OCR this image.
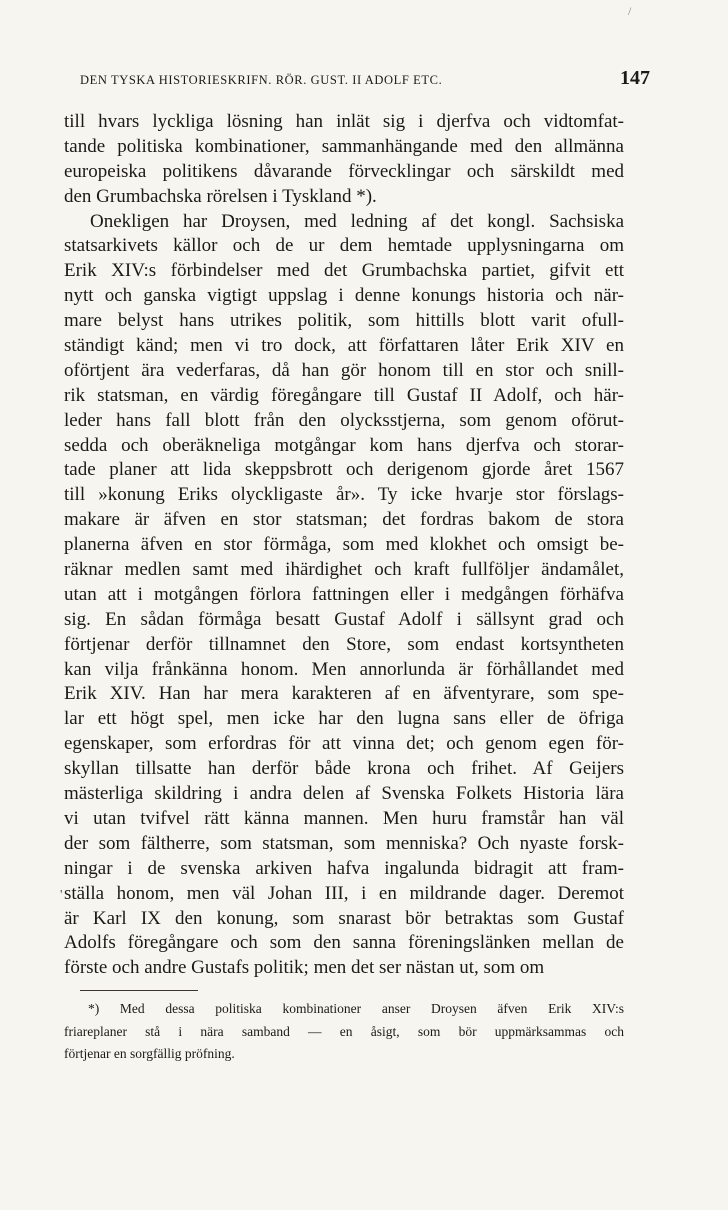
/
DEN TYSKA HISTORIESKRIFN. RÖR. GUST. II ADOLF ETC.	147
till hvars lyckliga lösning han inlät sig i djerfva och vidtomfat-
tande politiska kombinationer, sammanhängande med den allmänna
europeiska politikens dåvarande förvecklingar och särskildt med
den Grumbachska rörelsen i Tyskland *).
Onekligen har Droysen, med ledning af det kongl. Sachsiska
statsarkivets källor och de ur dem hemtade upplysningarna om
Erik XIV:s förbindelser med det Grumbachska partiet, gifvit ett
nytt och ganska vigtigt uppslag i denne konungs historia och när-
mare belyst hans utrikes politik, som hittills blott varit ofull-
ständigt känd; men vi tro dock, att författaren låter Erik XIV en
oförtjent ära vederfaras, då han gör honom till en stor och snill-
rik statsman, en värdig föregångare till Gustaf II Adolf, och här-
leder hans fall blott från den olycksstjerna, som genom oförut-
sedda och oberäkneliga motgångar kom hans djerfva och storar-
tade planer att lida skeppsbrott och derigenom gjorde året 1567
till »konung Eriks olyckligaste år». Ty icke hvarje stor förslags-
makare är äfven en stor statsman; det fordras bakom de stora
planerna äfven en stor förmåga, som med klokhet och omsigt be-
räknar medlen samt med ihärdighet och kraft fullföljer ändamålet,
utan att i motgången förlora fattningen eller i medgången förhäfva
sig. En sådan förmåga besatt Gustaf Adolf i sällsynt grad och
förtjenar derför tillnamnet den Store, som endast kortsyntheten
kan vilja frånkänna honom. Men annorlunda är förhållandet med
Erik XIV. Han har mera karakteren af en äfventyrare, som spe-
lar ett högt spel, men icke har den lugna sans eller de öfriga
egenskaper, som erfordras för att vinna det; och genom egen för-
skyllan tillsatte han derför både krona och frihet. Af Geijers
mästerliga skildring i andra delen af Svenska Folkets Historia lära
vi utan tvifvel rätt känna mannen. Men huru framstår han väl
der som fältherre, som statsman, som menniska? Och nyaste forsk-
ningar i de svenska arkiven hafva ingalunda bidragit att fram-
ställa honom, men väl Johan III, i en mildrande dager. Deremot
är Karl IX den konung, som snarast bör betraktas som Gustaf
Adolfs föregångare och som den sanna föreningslänken mellan de
förste och andre Gustafs politik; men det ser nästan ut, som om
'
*) Med dessa politiska kombinationer anser Droysen äfven Erik XIV:s
friareplaner stå i nära samband — en åsigt, som bör uppmärksammas och
förtjenar en sorgfällig pröfning.
